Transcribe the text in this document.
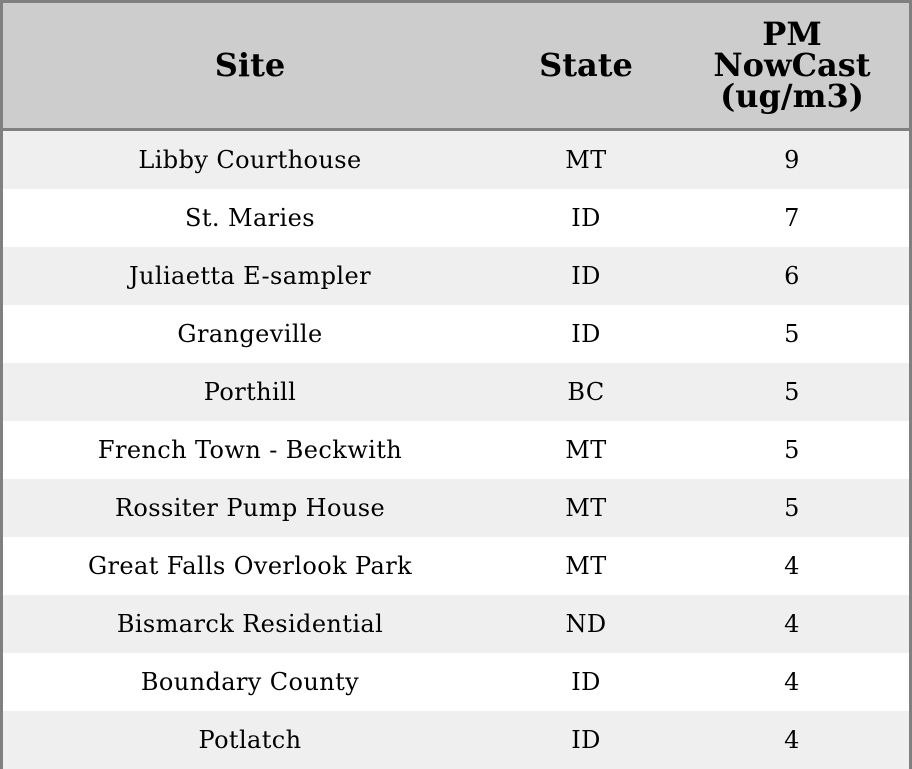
Site	State	PM
NowCast
(ug/m3)
Libby Courthouse	MT	9
St. Maries	ID	7
Juliaetta E-sampler	ID	6
Grangeville	ID	5
Porthill	BC	5
French Town - Beckwith	MT	5
Rossiter Pump House	MT	5
Great Falls Overlook Park	MT	4
Bismarck Residential	ND	4
Boundary County	ID	4
Potlatch	ID	4
